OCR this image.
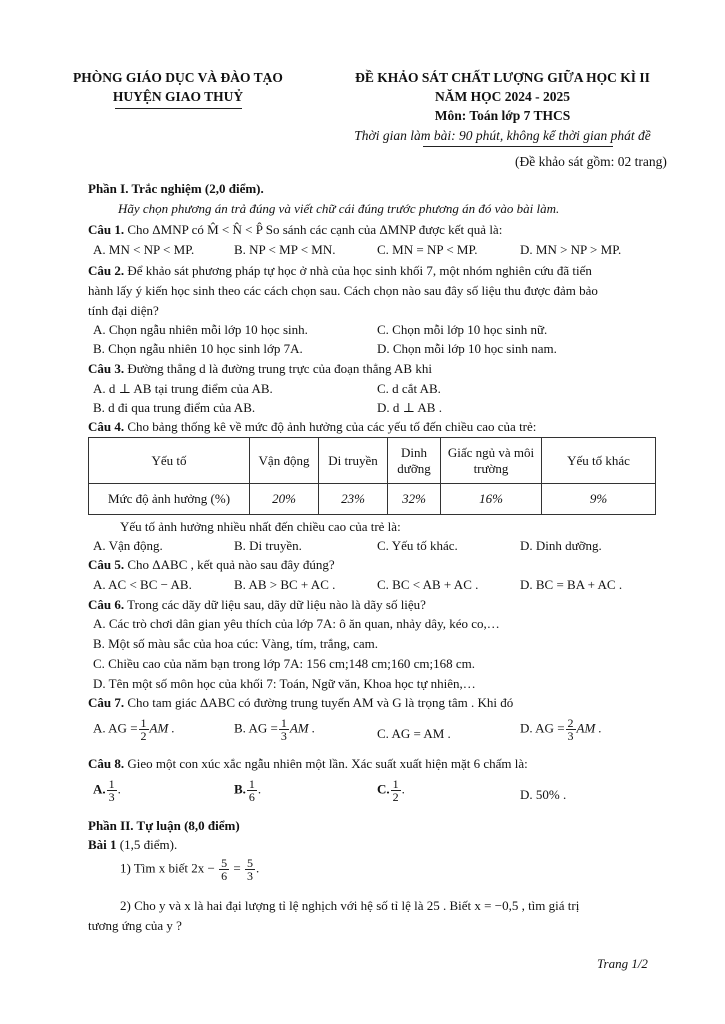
PHÒNG GIÁO DỤC VÀ ĐÀO TẠO
HUYỆN GIAO THUỶ
ĐỀ KHẢO SÁT CHẤT LƯỢNG GIỮA HỌC KÌ II
NĂM HỌC 2024 - 2025
Môn: Toán lớp 7 THCS
Thời gian làm bài: 90 phút, không kể thời gian phát đề
(Đề khảo sát gồm: 02 trang)
Phần I. Trắc nghiệm (2,0 điểm).
Hãy chọn phương án trả đúng và viết chữ cái đúng trước phương án đó vào bài làm.
Câu 1. Cho ΔMNP có M̂ < N̂ < P̂ So sánh các cạnh của ΔMNP được kết quả là:
A. MN < NP < MP.	B. NP < MP < MN.	C. MN = NP < MP.	D. MN > NP > MP.
Câu 2. Để khảo sát phương pháp tự học ở nhà của học sinh khối 7, một nhóm nghiên cứu đã tiến
hành lấy ý kiến học sinh theo các cách chọn sau. Cách chọn nào sau đây số liệu thu được đảm bảo
tính đại diện?
A. Chọn ngẫu nhiên mỗi lớp 10 học sinh.	C. Chọn mỗi lớp 10 học sinh nữ.
B. Chọn ngẫu nhiên 10 học sinh lớp 7A.	D. Chọn mỗi lớp 10 học sinh nam.
Câu 3. Đường thẳng d là đường trung trực của đoạn thẳng AB khi
A. d ⊥ AB tại trung điểm của AB.	C. d cắt AB.
B. d đi qua trung điểm của AB.	D. d ⊥ AB .
Câu 4. Cho bảng thống kê về mức độ ảnh hưởng của các yếu tố đến chiều cao của trẻ:
Yếu tố	Vận động	Di truyền	Dinh dưỡng	Giấc ngủ và môi trường	Yếu tố khác
Mức độ ảnh hưởng (%)	20%	23%	32%	16%	9%
Yếu tố ảnh hưởng nhiều nhất đến chiều cao của trẻ là:
A. Vận động.	B. Di truyền.	C. Yếu tố khác.	D. Dinh dưỡng.
Câu 5. Cho ΔABC , kết quả nào sau đây đúng?
A. AC < BC − AB.	B. AB > BC + AC .	C. BC < AB + AC .	D. BC = BA + AC .
Câu 6. Trong các dãy dữ liệu sau, dãy dữ liệu nào là dãy số liệu?
A. Các trò chơi dân gian yêu thích của lớp 7A: ô ăn quan, nhảy dây, kéo co,…
B. Một số màu sắc của hoa cúc: Vàng, tím, trắng, cam.
C. Chiều cao của năm bạn trong lớp 7A: 156 cm;148 cm;160 cm;168 cm.
D. Tên một số môn học của khối 7: Toán, Ngữ văn, Khoa học tự nhiên,…
Câu 7. Cho tam giác ΔABC có đường trung tuyến AM và G là trọng tâm . Khi đó
A. AG = $\frac{1}{2}$ AM .	B. AG = $\frac{1}{3}$ AM .	C. AG = AM .	D. AG = $\frac{2}{3}$ AM .
Câu 8. Gieo một con xúc xắc ngẫu nhiên một lần. Xác suất xuất hiện mặt 6 chấm là:
A. $\frac{1}{3}$ .	B. $\frac{1}{6}$ .	C. $\frac{1}{2}$ .	D. 50% .
Phần II. Tự luận (8,0 điểm)
Bài 1 (1,5 điểm).
1) Tìm x biết $2x - \frac{5}{6} = \frac{5}{3}$ .
2) Cho y và x là hai đại lượng tỉ lệ nghịch với hệ số tỉ lệ là 25 . Biết x = −0,5 , tìm giá trị
tương ứng của y ?
Trang 1/2
